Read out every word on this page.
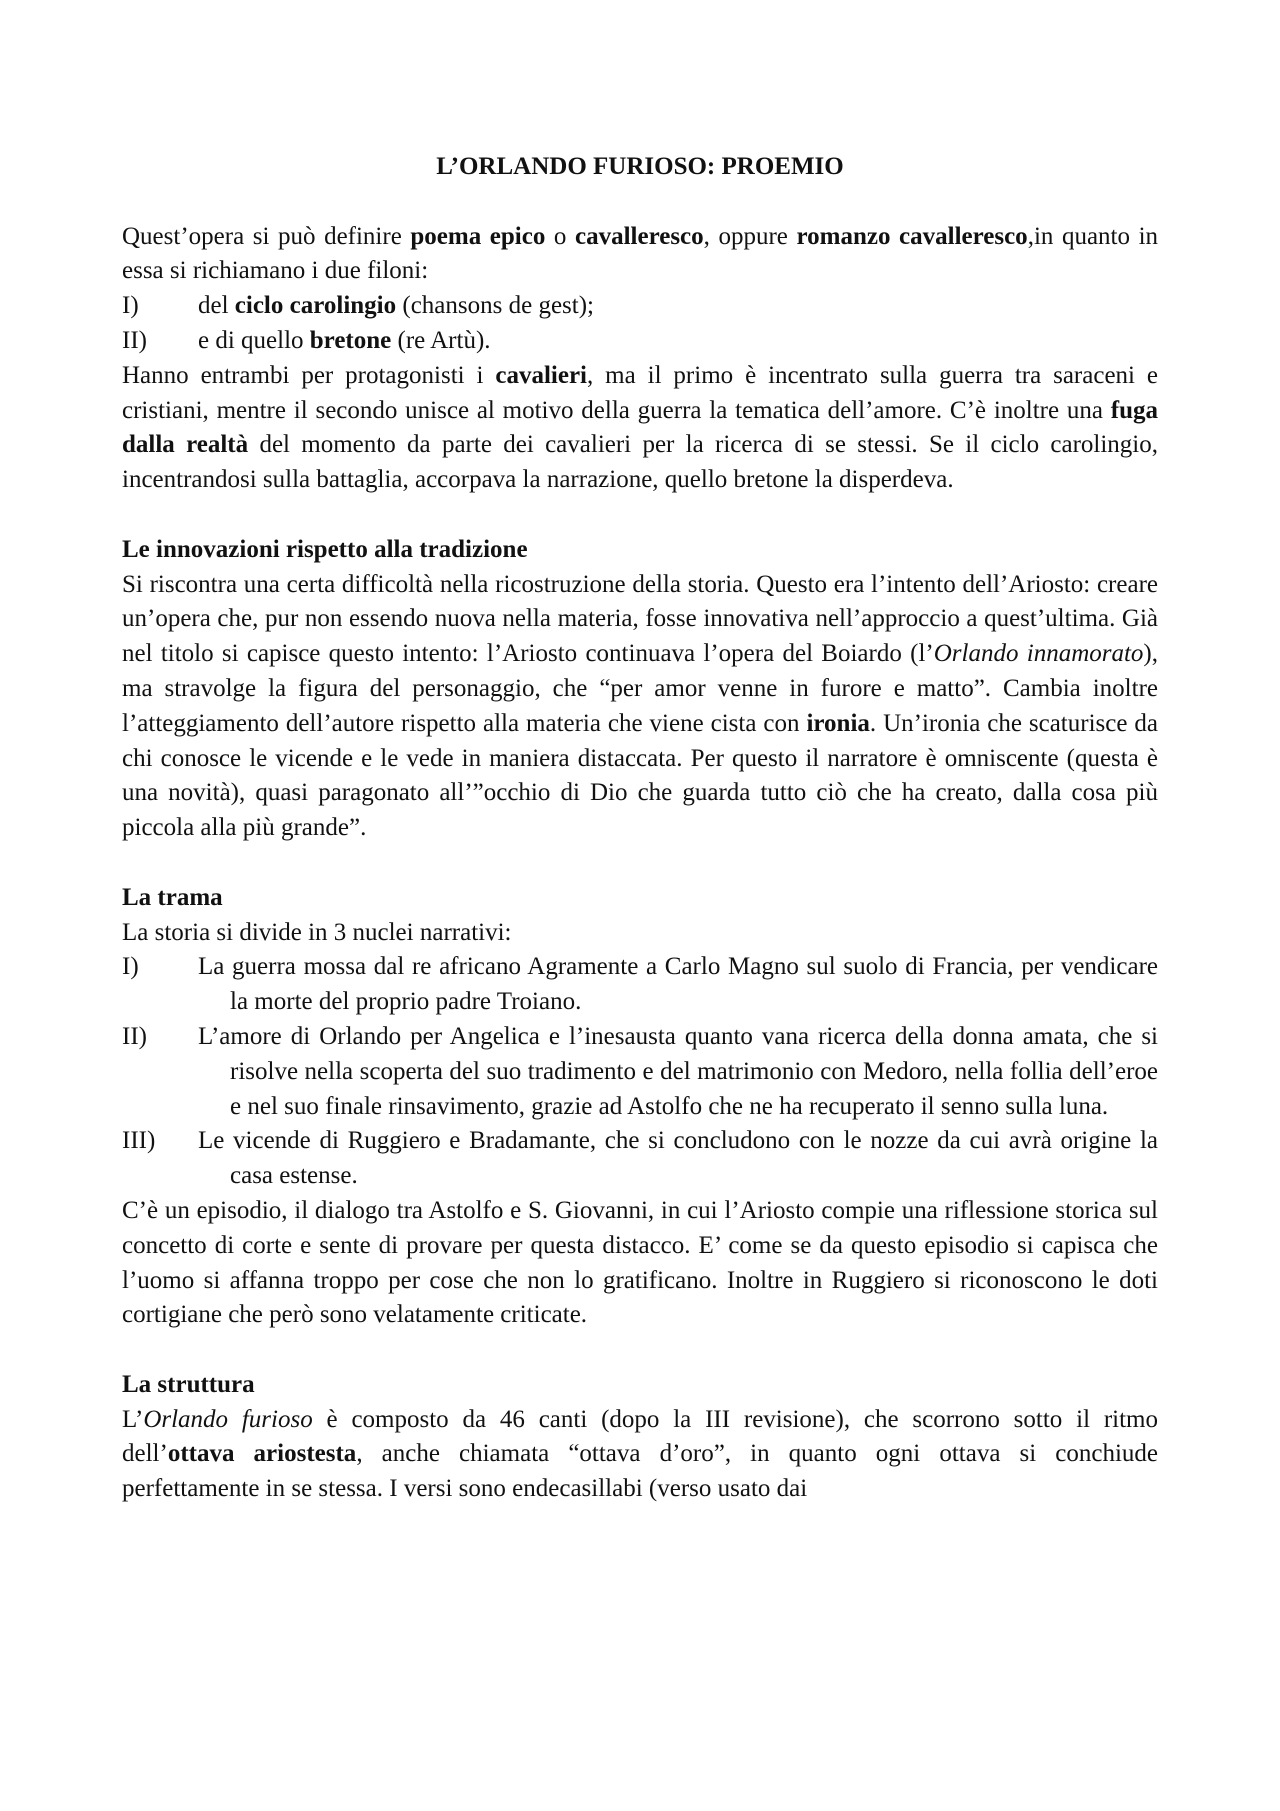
L’ORLANDO FURIOSO: PROEMIO

Quest’opera si può definire poema epico o cavalleresco, oppure romanzo cavalleresco,in quanto in essa si richiamano i due filoni:

I) del ciclo carolingio (chansons de gest);
II) e di quello bretone (re Artù).

Hanno entrambi per protagonisti i cavalieri, ma il primo è incentrato sulla guerra tra saraceni e cristiani, mentre il secondo unisce al motivo della guerra la tematica dell’amore. C’è inoltre una fuga dalla realtà del momento da parte dei cavalieri per la ricerca di se stessi. Se il ciclo carolingio, incentrandosi sulla battaglia, accorpava la narrazione, quello bretone la disperdeva.

Le innovazioni rispetto alla tradizione

Si riscontra una certa difficoltà nella ricostruzione della storia. Questo era l’intento dell’Ariosto: creare un’opera che, pur non essendo nuova nella materia, fosse innovativa nell’approccio a quest’ultima. Già nel titolo si capisce questo intento: l’Ariosto continuava l’opera del Boiardo (l’Orlando innamorato), ma stravolge la figura del personaggio, che “per amor venne in furore e matto”. Cambia inoltre l’atteggiamento dell’autore rispetto alla materia che viene cista con ironia. Un’ironia che scaturisce da chi conosce le vicende e le vede in maniera distaccata. Per questo il narratore è omniscente (questa è una novità), quasi paragonato all’”occhio di Dio che guarda tutto ciò che ha creato, dalla cosa più piccola alla più grande”.

La trama

La storia si divide in 3 nuclei narrativi:

I) La guerra mossa dal re africano Agramente a Carlo Magno sul suolo di Francia, per vendicare la morte del proprio padre Troiano.
II) L’amore di Orlando per Angelica e l’inesausta quanto vana ricerca della donna amata, che si risolve nella scoperta del suo tradimento e del matrimonio con Medoro, nella follia dell’eroe e nel suo finale rinsavimento, grazie ad Astolfo che ne ha recuperato il senno sulla luna.
III) Le vicende di Ruggiero e Bradamante, che si concludono con le nozze da cui avrà origine la casa estense.

C’è un episodio, il dialogo tra Astolfo e S. Giovanni, in cui l’Ariosto compie una riflessione storica sul concetto di corte e sente di provare per questa distacco. E’ come se da questo episodio si capisca che l’uomo si affanna troppo per cose che non lo gratificano. Inoltre in Ruggiero si riconoscono le doti cortigiane che però sono velatamente criticate.

La struttura

L’Orlando furioso è composto da 46 canti (dopo la III revisione), che scorrono sotto il ritmo dell’ottava ariostesta, anche chiamata “ottava d’oro”, in quanto ogni ottava si conchiude perfettamente in se stessa. I versi sono endecasillabi (verso usato dai
